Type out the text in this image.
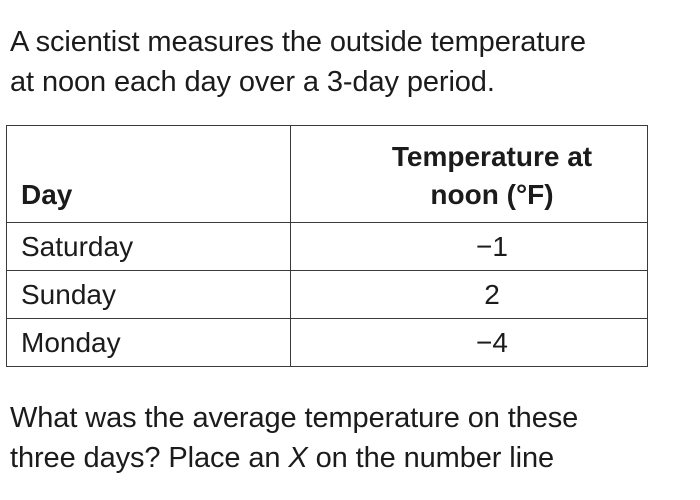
A scientist measures the outside temperature
at noon each day over a 3-day period.

Day	Temperature at
noon (°F)

Saturday	−1
Sunday	2
Monday	−4

What was the average temperature on these
three days? Place an X on the number line
